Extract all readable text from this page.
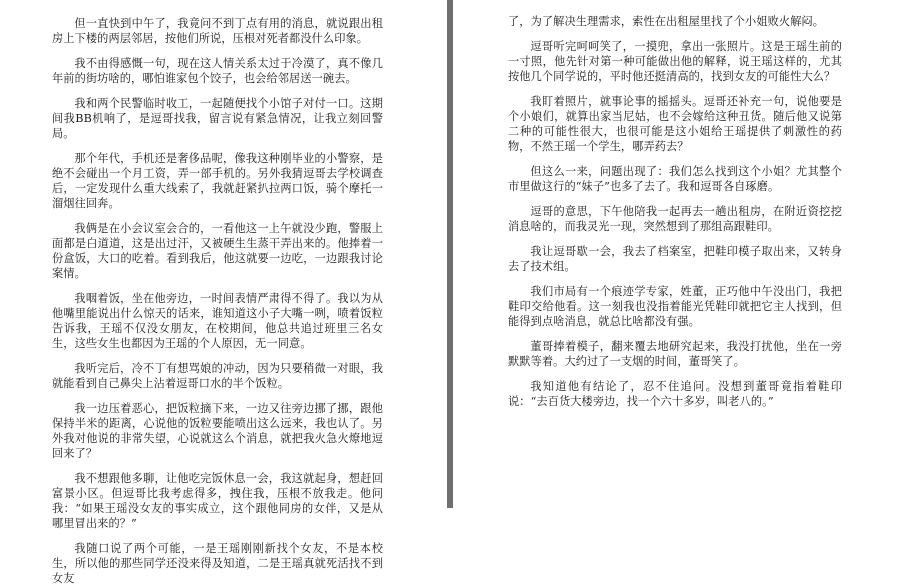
但一直快到中午了，我竟问不到丁点有用的消息，就说跟出租房上下楼的两层邻居，按他们所说，压根对死者都没什么印象。

我不由得感慨一句，现在这人情关系太过于冷漠了，真不像几年前的街坊啥的，哪怕谁家包个饺子，也会给邻居送一碗去。

我和两个民警临时收工，一起随便找个小馆子对付一口。这期间我BB机响了，是逗哥找我，留言说有紧急情况，让我立刻回警局。

那个年代，手机还是奢侈品呢，像我这种刚毕业的小警察，是绝不会碰出一个月工资，弄一部手机的。另外我猜逗哥去学校调查后，一定发现什么重大线索了，我就赶紧扒拉两口饭，骑个摩托一溜烟往回奔。

我俩是在小会议室会合的，一看他这一上午就没少跑，警服上面都是白道道，这是出过汗，又被硬生生蒸干弄出来的。他捧着一份盒饭，大口的吃着。看到我后，他这就要一边吃，一边跟我讨论案情。

我咽着饭，坐在他旁边，一时间表情严肃得不得了。我以为从他嘴里能说出什么惊天的话来，谁知道这小子大嘴一咧，喷着饭粒告诉我，王瑶不仅没女朋友，在校期间，他总共追过班里三名女生，这些女生也都因为王瑶的个人原因，无一同意。

我听完后，冷不丁有想骂娘的冲动，因为只要稍微一对眼，我就能看到自己鼻尖上沾着逗哥口水的半个饭粒。

我一边压着恶心，把饭粒摘下来，一边又往旁边挪了挪，跟他保持半米的距离，心说他的饭粒要能喷出这么远来，我也认了。另外我对他说的非常失望，心说就这么个消息，就把我火急火燎地逗回来了？

我不想跟他多聊，让他吃完饭休息一会，我这就起身，想赶回富景小区。但逗哥比我考虑得多，拽住我，压根不放我走。他问我：“如果王瑶没女友的事实成立，这个跟他同房的女伴，又是从哪里冒出来的？”

我随口说了两个可能，一是王瑶刚刚新找个女友，不是本校生，所以他的那些同学还没来得及知道，二是王瑶真就死活找不到女友

了，为了解决生理需求，索性在出租屋里找了个小姐败火解闷。

逗哥听完呵呵笑了，一摸兜，拿出一张照片。这是王瑶生前的一寸照，他先针对第一种可能做出他的解释，说王瑶这样的，尤其按他几个同学说的，平时他还挺清高的，找到女友的可能性大么？

我盯着照片，就事论事的摇摇头。逗哥还补充一句，说他要是个小娘们，就算出家当尼姑，也不会嫁给这种丑货。随后他又说第二种的可能性很大，也很可能是这小姐给王瑶提供了刺激性的药物，不然王瑶一个学生，哪弄药去？

但这么一来，问题出现了：我们怎么找到这个小姐？尤其整个市里做这行的“妹子”也多了去了。我和逗哥各自琢磨。

逗哥的意思，下午他陪我一起再去一趟出租房，在附近资挖挖消息啥的，而我灵光一现，突然想到了那组高跟鞋印。

我让逗哥歇一会，我去了档案室，把鞋印模子取出来，又转身去了技术组。

我们市局有一个痕迹学专家，姓董，正巧他中午没出门，我把鞋印交给他看。这一刻我也没指着能光凭鞋印就把它主人找到，但能得到点啥消息，就总比啥都没有强。

董哥捧着模子，翻来覆去地研究起来，我没打扰他，坐在一旁默默等着。大约过了一支烟的时间，董哥笑了。

我知道他有结论了，忍不住追问。没想到董哥竟指着鞋印说：“去百货大楼旁边，找一个六十多岁，叫老八的。”
